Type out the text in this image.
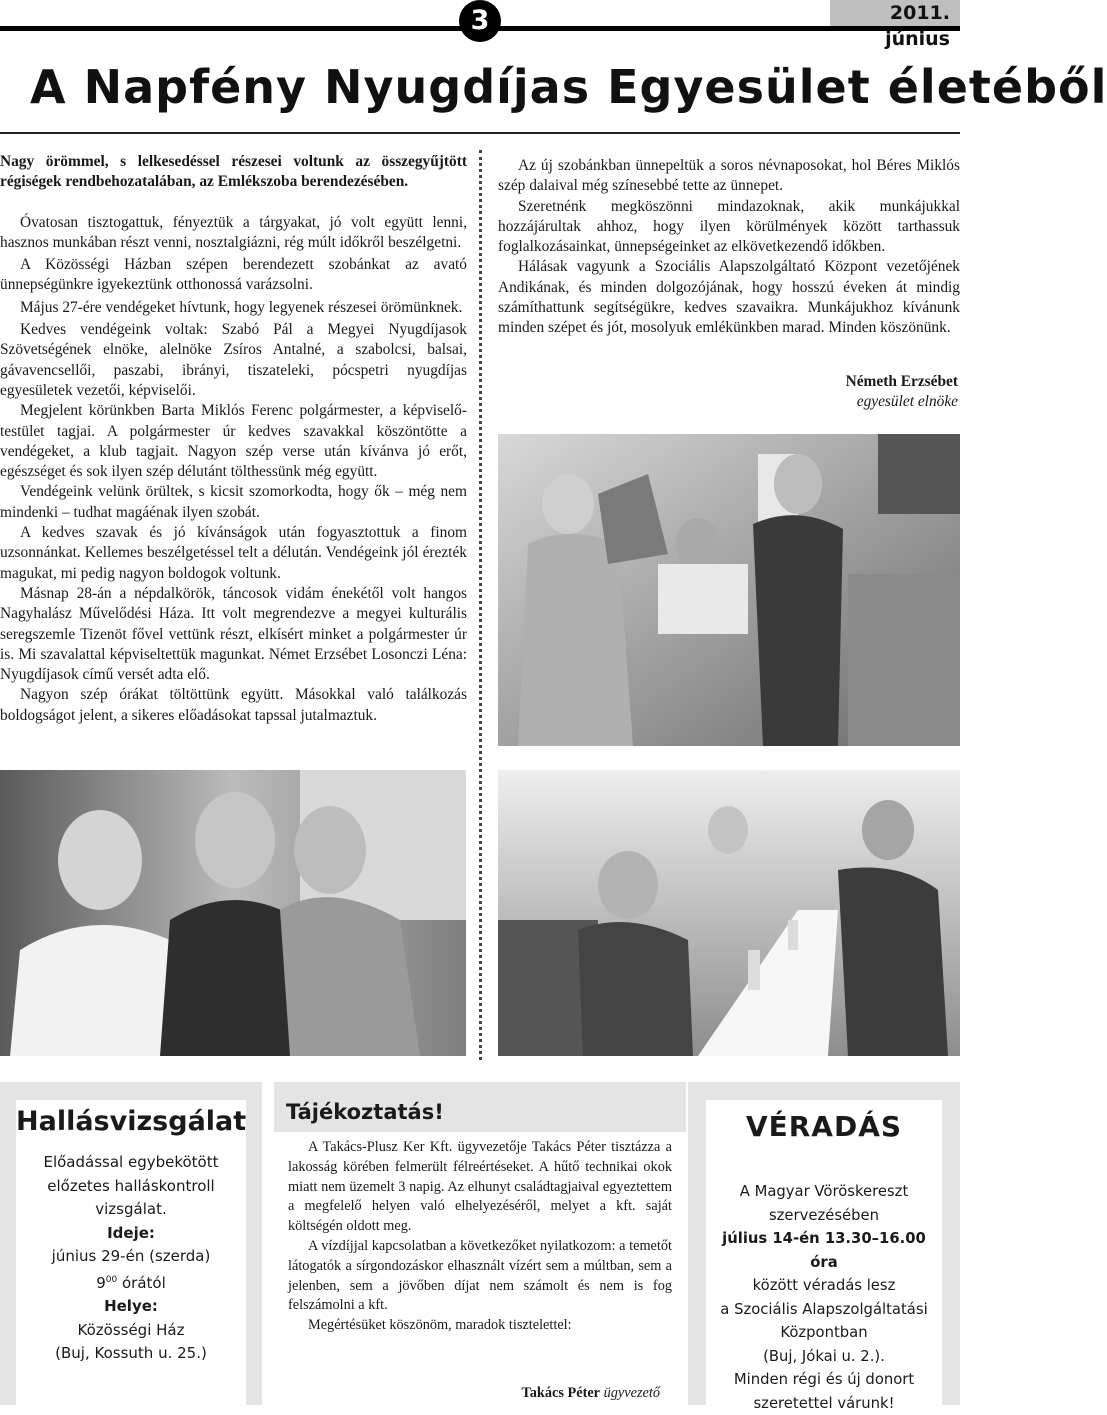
3	2011. június
A Napfény Nyugdíjas Egyesület életéből

Nagy örömmel, s lelkesedéssel részesei voltunk az összegyűjtött régiségek rendbehozatalában, az Emlékszoba berendezésében.

Óvatosan tisztogattuk, fényeztük a tárgyakat, jó volt együtt lenni, hasznos munkában részt venni, nosztalgiázni, rég múlt időkről beszélgetni.

A Közösségi Házban szépen berendezett szobánkat az avató ünnepségünkre igyekeztünk otthonossá varázsolni.

Május 27-ére vendégeket hívtunk, hogy legyenek részesei örömünknek.

Kedves vendégeink voltak: Szabó Pál a Megyei Nyugdíjasok Szövetségének elnöke, alelnöke Zsíros Antalné, a szabolcsi, balsai, gávavencsellői, paszabi, ibrányi, tiszateleki, pócspetri nyugdíjas egyesületek vezetői, képviselői.

Megjelent körünkben Barta Miklós Ferenc polgármester, a képviselő-testület tagjai. A polgármester úr kedves szavakkal köszöntötte a vendégeket, a klub tagjait. Nagyon szép verse után kívánva jó erőt, egészséget és sok ilyen szép délutánt tölthessünk még együtt.

Vendégeink velünk örültek, s kicsit szomorkodta, hogy ők – még nem mindenki – tudhat magáénak ilyen szobát.

A kedves szavak és jó kívánságok után fogyasztottuk a finom uzsonnánkat. Kellemes beszélgetéssel telt a délután. Vendégeink jól érezték magukat, mi pedig nagyon boldogok voltunk.

Másnap 28-án a népdalkörök, táncosok vidám énekétől volt hangos Nagyhalász Művelődési Háza. Itt volt megrendezve a megyei kulturális seregszemle Tizenöt fővel vettünk részt, elkísért minket a polgármester úr is. Mi szavalattal képviseltettük magunkat. Német Erzsébet Losonczi Léna: Nyugdíjasok című versét adta elő.

Nagyon szép órákat töltöttünk együtt. Másokkal való találkozás boldogságot jelent, a sikeres előadásokat tapssal jutalmaztuk.

Az új szobánkban ünnepeltük a soros névnaposokat, hol Béres Miklós szép dalaival még színesebbé tette az ünnepet.

Szeretnénk megköszönni mindazoknak, akik munkájukkal hozzájárultak ahhoz, hogy ilyen körülmények között tarthassuk foglalkozásainkat, ünnepségeinket az elkövetkezendő időkben.

Hálásak vagyunk a Szociális Alapszolgáltató Központ vezetőjének Andikának, és minden dolgozójának, hogy hosszú éveken át mindig számíthattunk segítségükre, kedves szavaikra. Munkájukhoz kívánunk minden szépet és jót, mosolyuk emlékünkben marad. Minden köszönünk.

Németh Erzsébet
egyesület elnöke
Hallásvizsgálat
Előadással egybekötött
előzetes halláskontroll
vizsgálat.
Ideje:
június 29-én (szerda)
$9^{00}$ órától
Helye:
Közösségi Ház
(Buj, Kossuth u. 25.)
Tájékoztatás!

A Takács-Plusz Ker Kft. ügyvezetője Takács Péter tisztázza a lakosság körében felmerült félreértéseket. A hűtő technikai okok miatt nem üzemelt 3 napig. Az elhunyt családtagjaival egyeztettem a megfelelő helyen való elhelyezéséről, melyet a kft. saját költségén oldott meg.

A vízdíjjal kapcsolatban a következőket nyilatkozom: a temetőt látogatók a sírgondozáskor elhasznált vízért sem a múltban, sem a jelenben, sem a jövőben díjat nem számolt és nem is fog felszámolni a kft.

Megértésüket köszönöm, maradok tisztelettel:

Takács Péter ügyvezető
VÉRADÁS
A Magyar Vöröskereszt
szervezésében
július 14-én 13.30–16.00 óra
között véradás lesz
a Szociális Alapszolgáltatási
Központban
(Buj, Jókai u. 2.).
Minden régi és új donort
szeretettel várunk!
